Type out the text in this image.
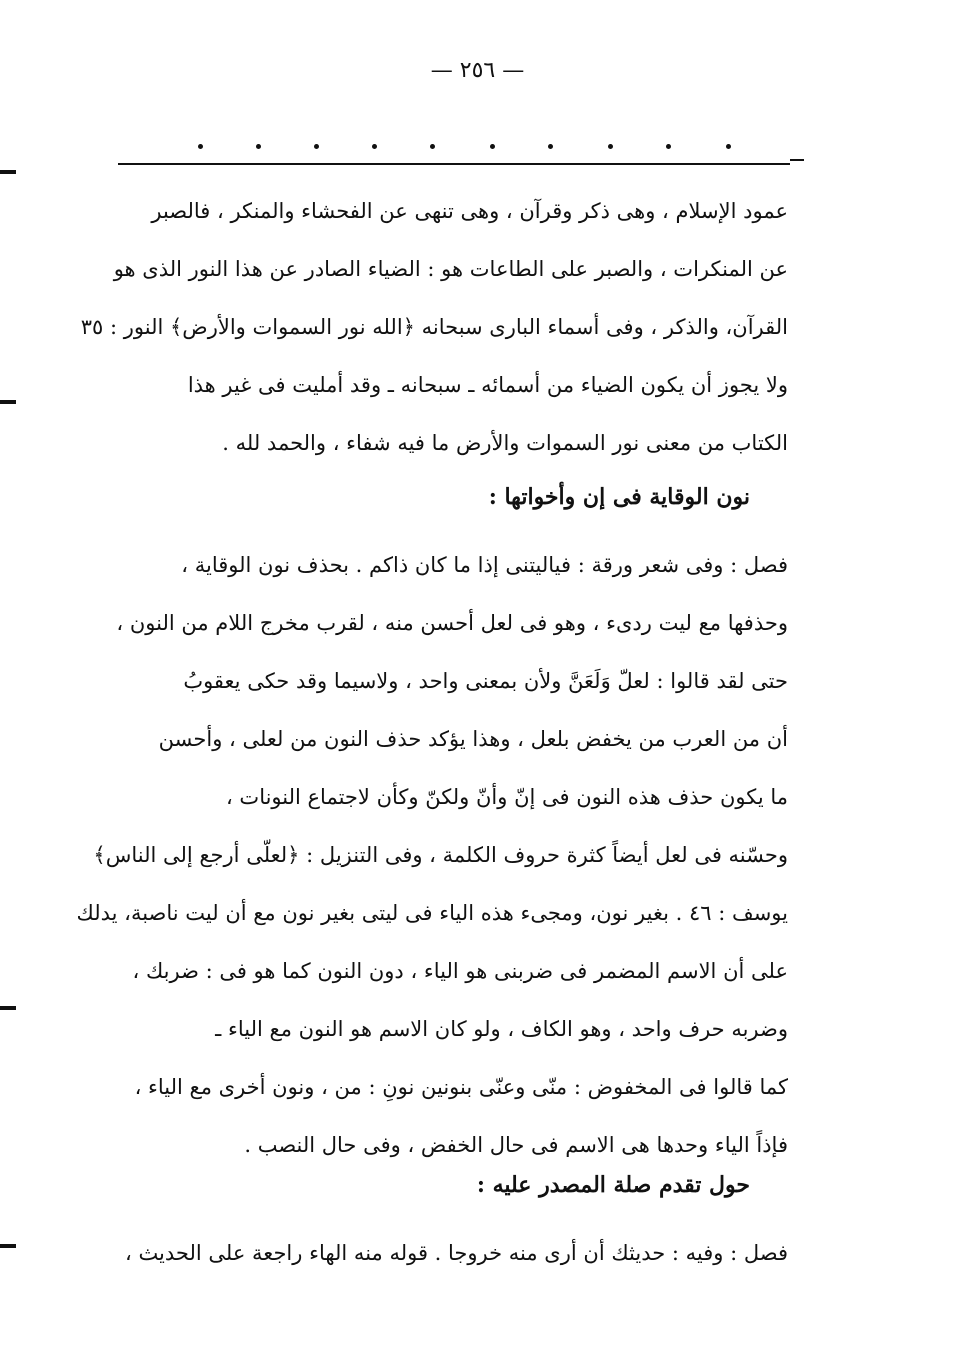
— ٢٥٦ —
عمود الإسلام ، وهى ذكر وقرآن ، وهى تنهى عن الفحشاء والمنكر ، فالصبر
عن المنكرات ، والصبر على الطاعات هو : الضياء الصادر عن هذا النور الذى هو
القرآن، والذكر ، وفى أسماء البارى سبحانه ﴿الله نور السموات والأرض﴾ النور : ٣٥
ولا يجوز أن يكون الضياء من أسمائه ـ سبحانه ـ وقد أمليت فى غير هذا
الكتاب من معنى نور السموات والأرض ما فيه شفاء ، والحمد لله .
نون الوقاية فى إن وأخواتها :
فصل : وفى شعر ورقة : فياليتنى إذا ما كان ذاكم . بحذف نون الوقاية ،
وحذفها مع ليت ردىء ، وهو فى لعل أحسن منه ، لقرب مخرج اللام من النون ،
حتى لقد قالوا : لعلّ وَلَعَنَّ ولأن بمعنى واحد ، ولاسيما وقد حكى يعقوبُ
أن من العرب من يخفض بلعل ، وهذا يؤكد حذف النون من لعلى ، وأحسن
ما يكون حذف هذه النون فى إنّ وأنّ ولكنّ وكأن لاجتماع النونات ،
وحسّنه فى لعل أيضاً كثرة حروف الكلمة ، وفى التنزيل : ﴿لعلّى أرجع إلى الناس﴾
يوسف : ٤٦ . بغير نون، ومجىء هذه الياء فى ليتى بغير نون مع أن ليت ناصبة، يدلك
على أن الاسم المضمر فى ضربنى هو الياء ، دون النون كما هو فى : ضربك ،
وضربه حرف واحد ، وهو الكاف ، ولو كان الاسم هو النون مع الياء ـ
كما قالوا فى المخفوض : منّى وعنّى بنونين نونِ : من ، ونون أخرى مع الياء ،
فإذاً الياء وحدها هى الاسم فى حال الخفض ، وفى حال النصب .
حول تقدم صلة المصدر عليه :
فصل : وفيه : حديثك أن أرى منه خروجا . قوله منه الهاء راجعة على الحديث ،
